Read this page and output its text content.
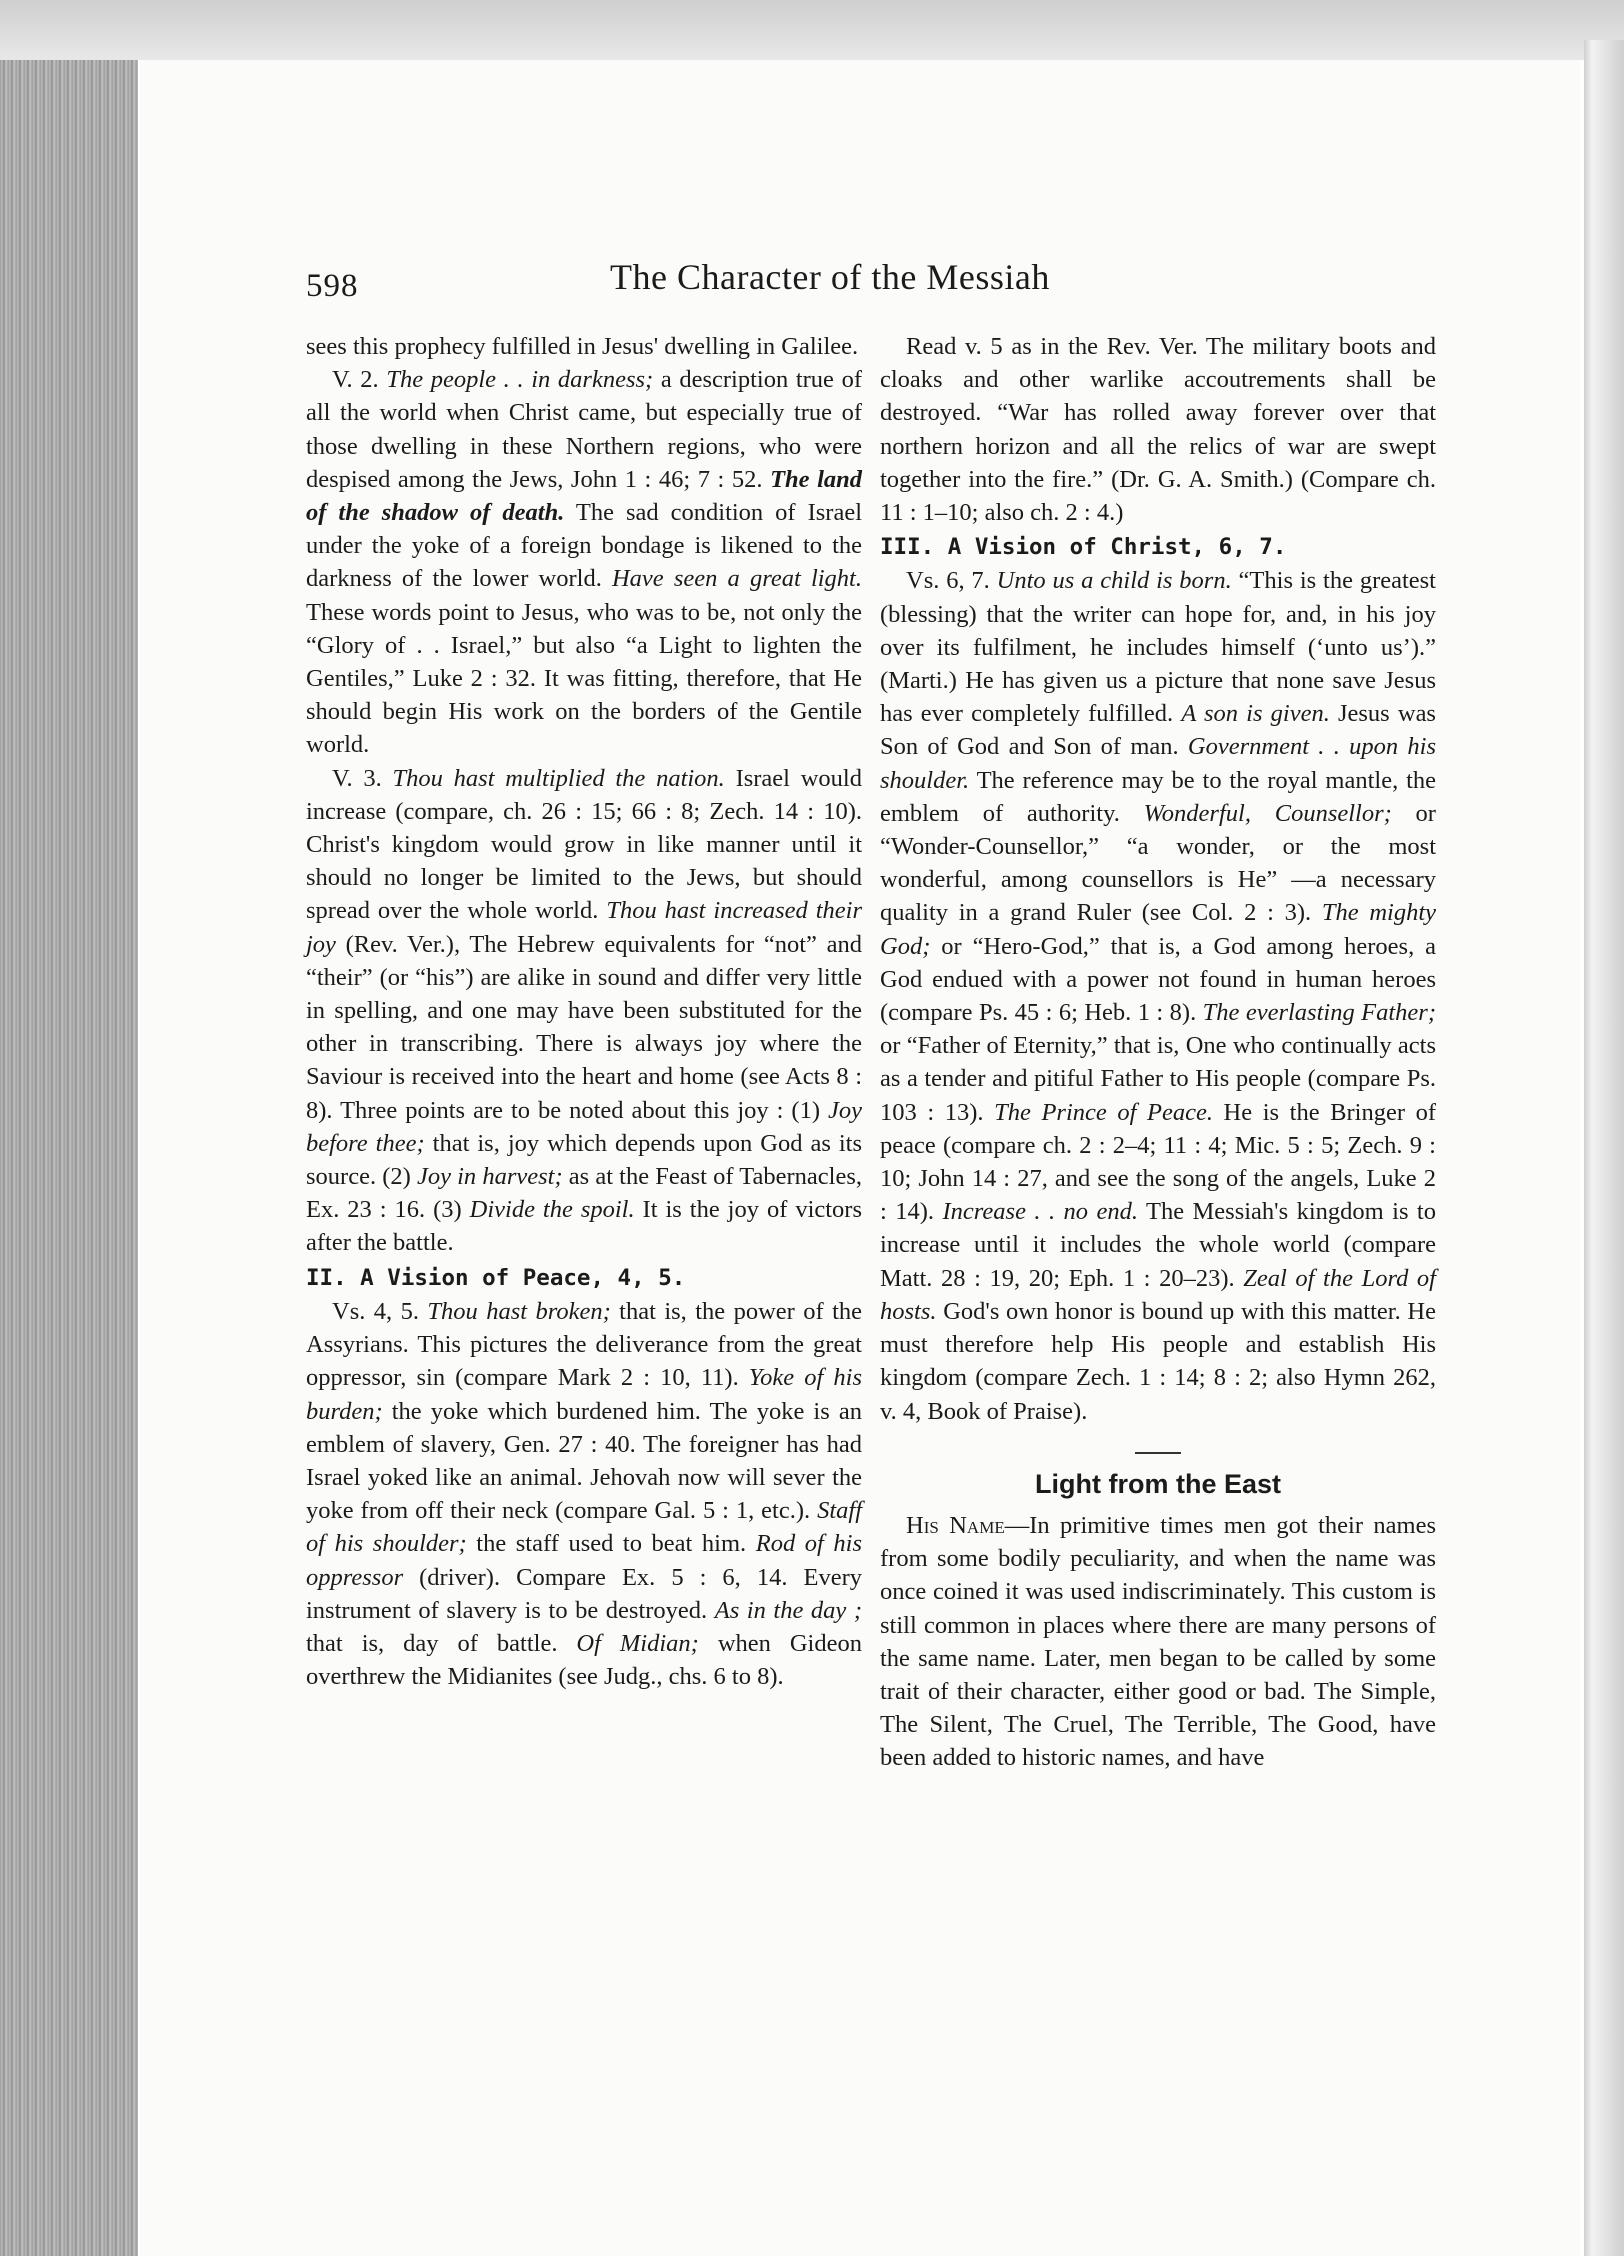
598	The Character of the Messiah

sees this prophecy fulfilled in Jesus' dwelling in Galilee.

V. 2. The people . . in darkness; a description true of all the world when Christ came, but especially true of those dwelling in these Northern regions, who were despised among the Jews, John 1 : 46; 7 : 52. The land of the shadow of death. The sad condition of Israel under the yoke of a foreign bondage is likened to the darkness of the lower world. Have seen a great light. These words point to Jesus, who was to be, not only the “Glory of . . Israel,” but also “a Light to lighten the Gentiles,” Luke 2 : 32. It was fitting, therefore, that He should begin His work on the borders of the Gentile world.

V. 3. Thou hast multiplied the nation. Israel would increase (compare, ch. 26 : 15; 66 : 8; Zech. 14 : 10). Christ's kingdom would grow in like manner until it should no longer be limited to the Jews, but should spread over the whole world. Thou hast increased their joy (Rev. Ver.), The Hebrew equivalents for “not” and “their” (or “his”) are alike in sound and differ very little in spelling, and one may have been substituted for the other in transcribing. There is always joy where the Saviour is received into the heart and home (see Acts 8 : 8). Three points are to be noted about this joy : (1) Joy before thee; that is, joy which depends upon God as its source. (2) Joy in harvest; as at the Feast of Tabernacles, Ex. 23 : 16. (3) Divide the spoil. It is the joy of victors after the battle.

II. A Vision of Peace, 4, 5.

Vs. 4, 5. Thou hast broken; that is, the power of the Assyrians. This pictures the deliverance from the great oppressor, sin (compare Mark 2 : 10, 11). Yoke of his burden; the yoke which burdened him. The yoke is an emblem of slavery, Gen. 27 : 40. The foreigner has had Israel yoked like an animal. Jehovah now will sever the yoke from off their neck (compare Gal. 5 : 1, etc.). Staff of his shoulder; the staff used to beat him. Rod of his oppressor (driver). Compare Ex. 5 : 6, 14. Every instrument of slavery is to be destroyed. As in the day ; that is, day of battle. Of Midian; when Gideon overthrew the Midianites (see Judg., chs. 6 to 8).

Read v. 5 as in the Rev. Ver. The military boots and cloaks and other warlike accoutrements shall be destroyed. “War has rolled away forever over that northern horizon and all the relics of war are swept together into the fire.” (Dr. G. A. Smith.) (Compare ch. 11 : 1–10; also ch. 2 : 4.)

III. A Vision of Christ, 6, 7.

Vs. 6, 7. Unto us a child is born. “This is the greatest (blessing) that the writer can hope for, and, in his joy over its fulfilment, he includes himself (‘unto us’).” (Marti.) He has given us a picture that none save Jesus has ever completely fulfilled. A son is given. Jesus was Son of God and Son of man. Government . . upon his shoulder. The reference may be to the royal mantle, the emblem of authority. Wonderful, Counsellor; or “Wonder-Counsellor,” “a wonder, or the most wonderful, among counsellors is He” —a necessary quality in a grand Ruler (see Col. 2 : 3). The mighty God; or “Hero-God,” that is, a God among heroes, a God endued with a power not found in human heroes (compare Ps. 45 : 6; Heb. 1 : 8). The everlasting Father; or “Father of Eternity,” that is, One who continually acts as a tender and pitiful Father to His people (compare Ps. 103 : 13). The Prince of Peace. He is the Bringer of peace (compare ch. 2 : 2–4; 11 : 4; Mic. 5 : 5; Zech. 9 : 10; John 14 : 27, and see the song of the angels, Luke 2 : 14). Increase . . no end. The Messiah's kingdom is to increase until it includes the whole world (compare Matt. 28 : 19, 20; Eph. 1 : 20–23). Zeal of the Lord of hosts. God's own honor is bound up with this matter. He must therefore help His people and establish His kingdom (compare Zech. 1 : 14; 8 : 2; also Hymn 262, v. 4, Book of Praise).

Light from the East

His Name—In primitive times men got their names from some bodily peculiarity, and when the name was once coined it was used indiscriminately. This custom is still common in places where there are many persons of the same name. Later, men began to be called by some trait of their character, either good or bad. The Simple, The Silent, The Cruel, The Terrible, The Good, have been added to historic names, and have
